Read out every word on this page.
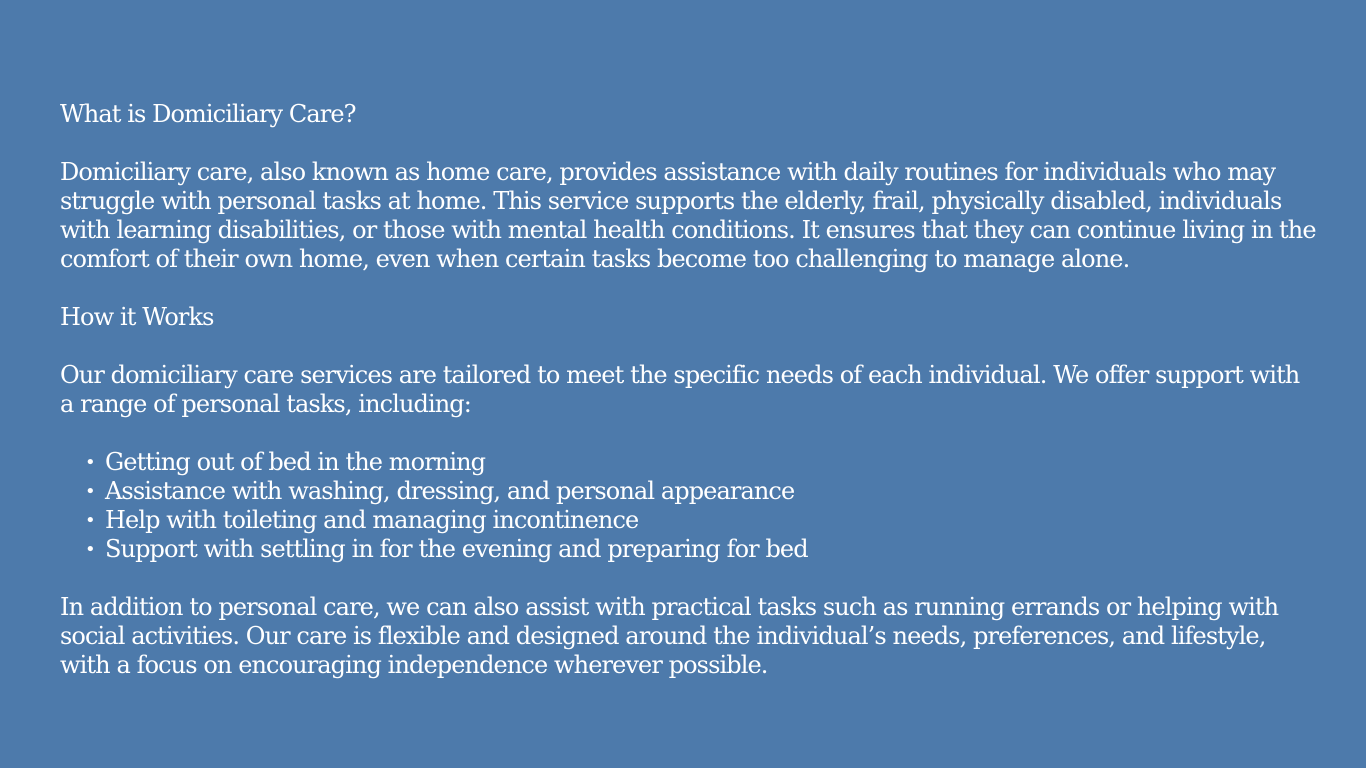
What is Domiciliary Care?

Domiciliary care, also known as home care, provides assistance with daily routines for individuals who may struggle with personal tasks at home. This service supports the elderly, frail, physically disabled, individuals with learning disabilities, or those with mental health conditions. It ensures that they can continue living in the comfort of their own home, even when certain tasks become too challenging to manage alone.

How it Works

Our domiciliary care services are tailored to meet the specific needs of each individual. We offer support with a range of personal tasks, including:

• Getting out of bed in the morning
• Assistance with washing, dressing, and personal appearance
• Help with toileting and managing incontinence
• Support with settling in for the evening and preparing for bed

In addition to personal care, we can also assist with practical tasks such as running errands or helping with social activities. Our care is flexible and designed around the individual’s needs, preferences, and lifestyle, with a focus on encouraging independence wherever possible.
